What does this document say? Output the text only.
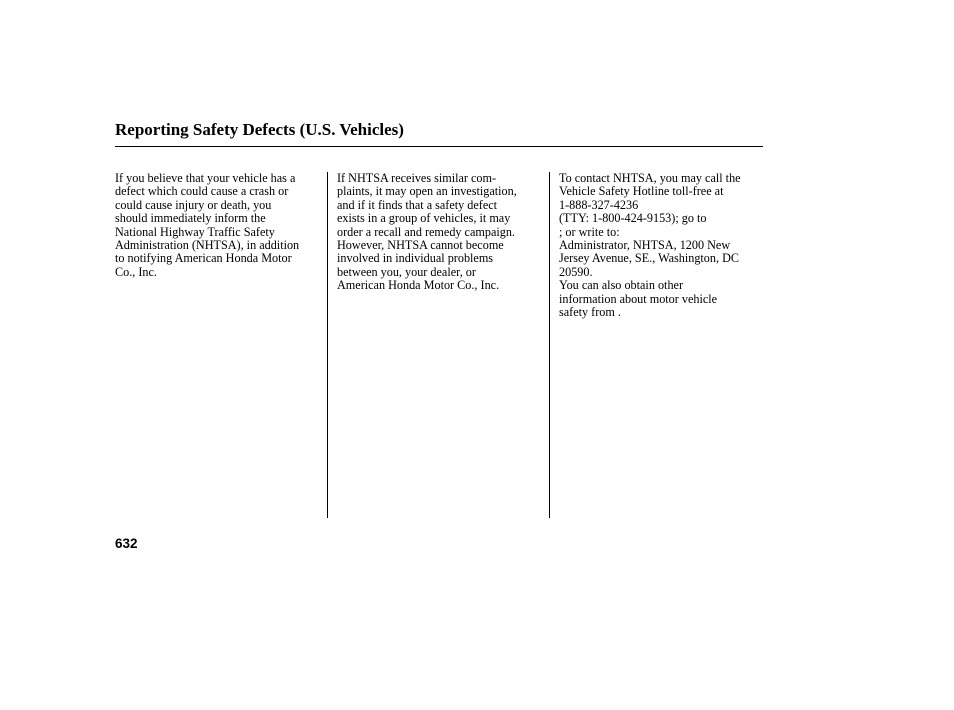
Reporting Safety Defects (U.S. Vehicles)

If you believe that your vehicle has a
defect which could cause a crash or
could cause injury or death, you
should immediately inform the
National Highway Traffic Safety
Administration (NHTSA), in addition
to notifying American Honda Motor
Co., Inc.

If NHTSA receives similar com-
plaints, it may open an investigation,
and if it finds that a safety defect
exists in a group of vehicles, it may
order a recall and remedy campaign.
However, NHTSA cannot become
involved in individual problems
between you, your dealer, or
American Honda Motor Co., Inc.

To contact NHTSA, you may call the
Vehicle Safety Hotline toll-free at
1-888-327-4236
(TTY: 1-800-424-9153); go to
; or write to:
Administrator, NHTSA, 1200 New
Jersey Avenue, SE., Washington, DC
20590.

You can also obtain other
information about motor vehicle
safety from .

632
